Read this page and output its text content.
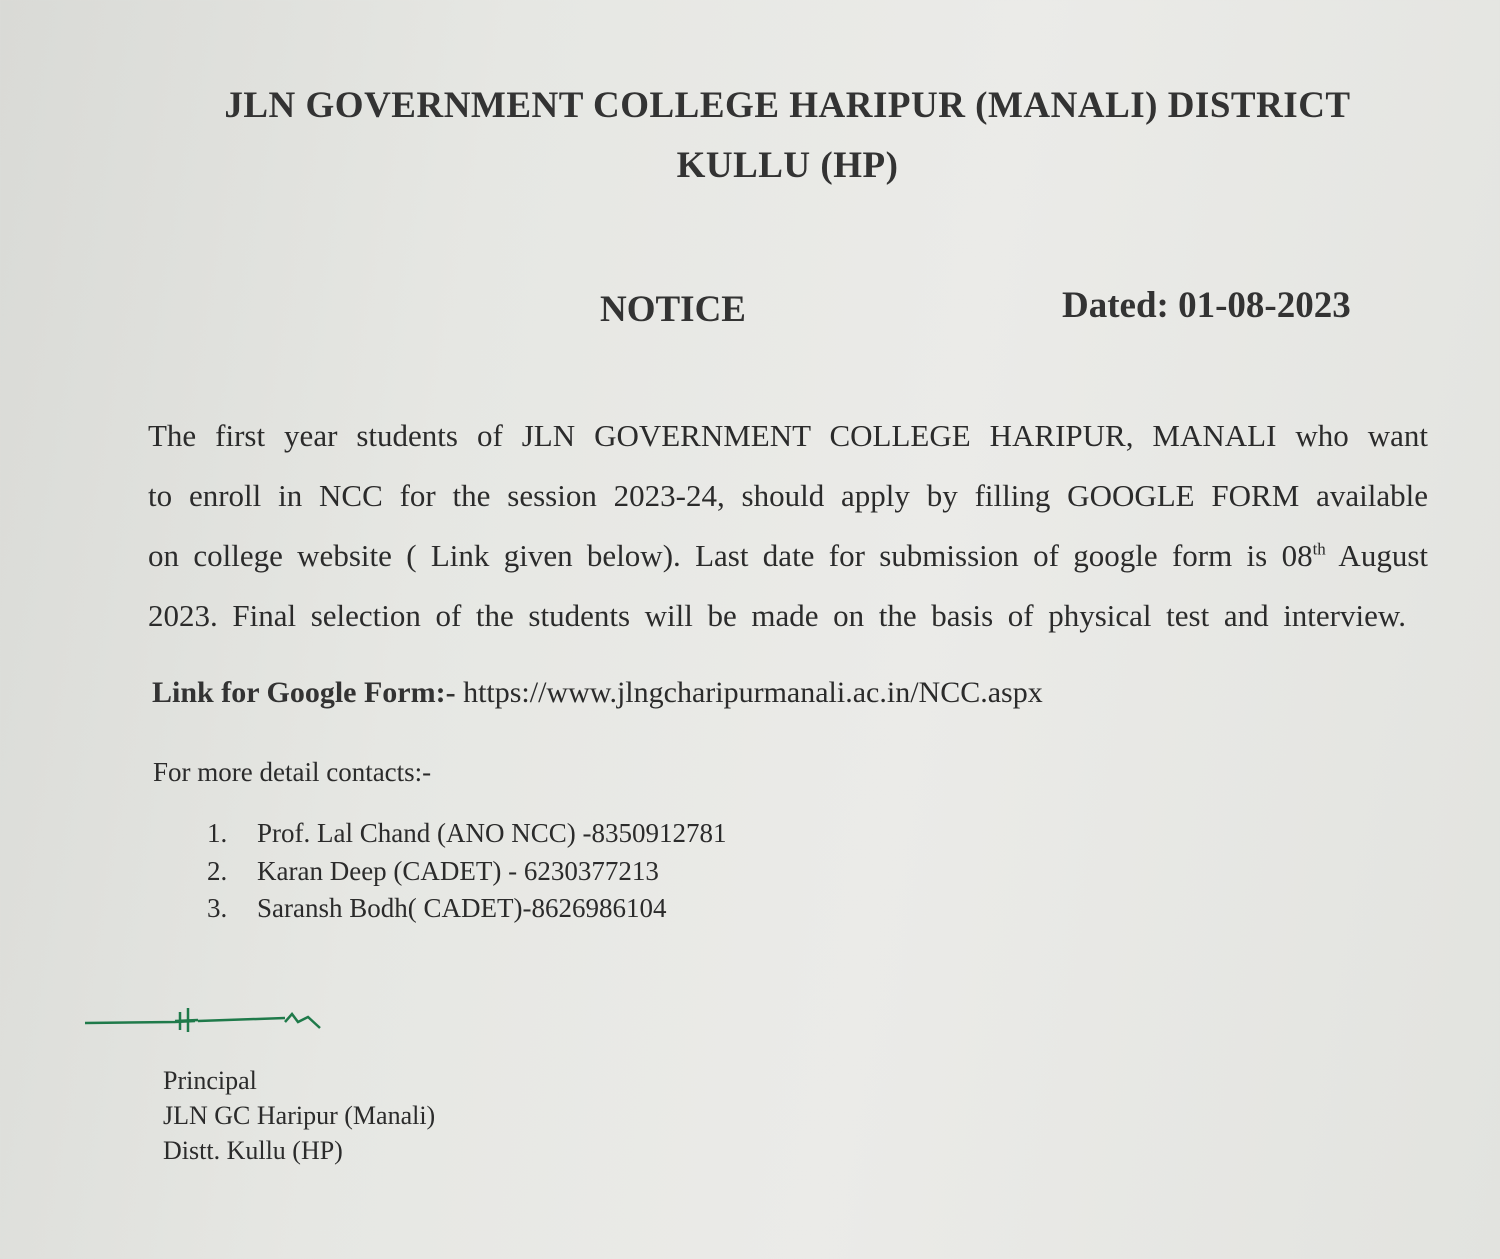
JLN GOVERNMENT COLLEGE HARIPUR (MANALI) DISTRICT
KULLU (HP)
NOTICE	Dated: 01-08-2023
The first year students of JLN GOVERNMENT COLLEGE HARIPUR, MANALI who want
to enroll in NCC for the session 2023-24, should apply by filling GOOGLE FORM available
on college website ( Link given below). Last date for submission of google form is 08th August
2023. Final selection of the students will be made on the basis of physical test and interview.
Link for Google Form:- https://www.jlngcharipurmanali.ac.in/NCC.aspx
For more detail contacts:-
1. Prof. Lal Chand (ANO NCC) -8350912781
2. Karan Deep (CADET) - 6230377213
3. Saransh Bodh( CADET)-8626986104
Principal
JLN GC Haripur (Manali)
Distt. Kullu (HP)
